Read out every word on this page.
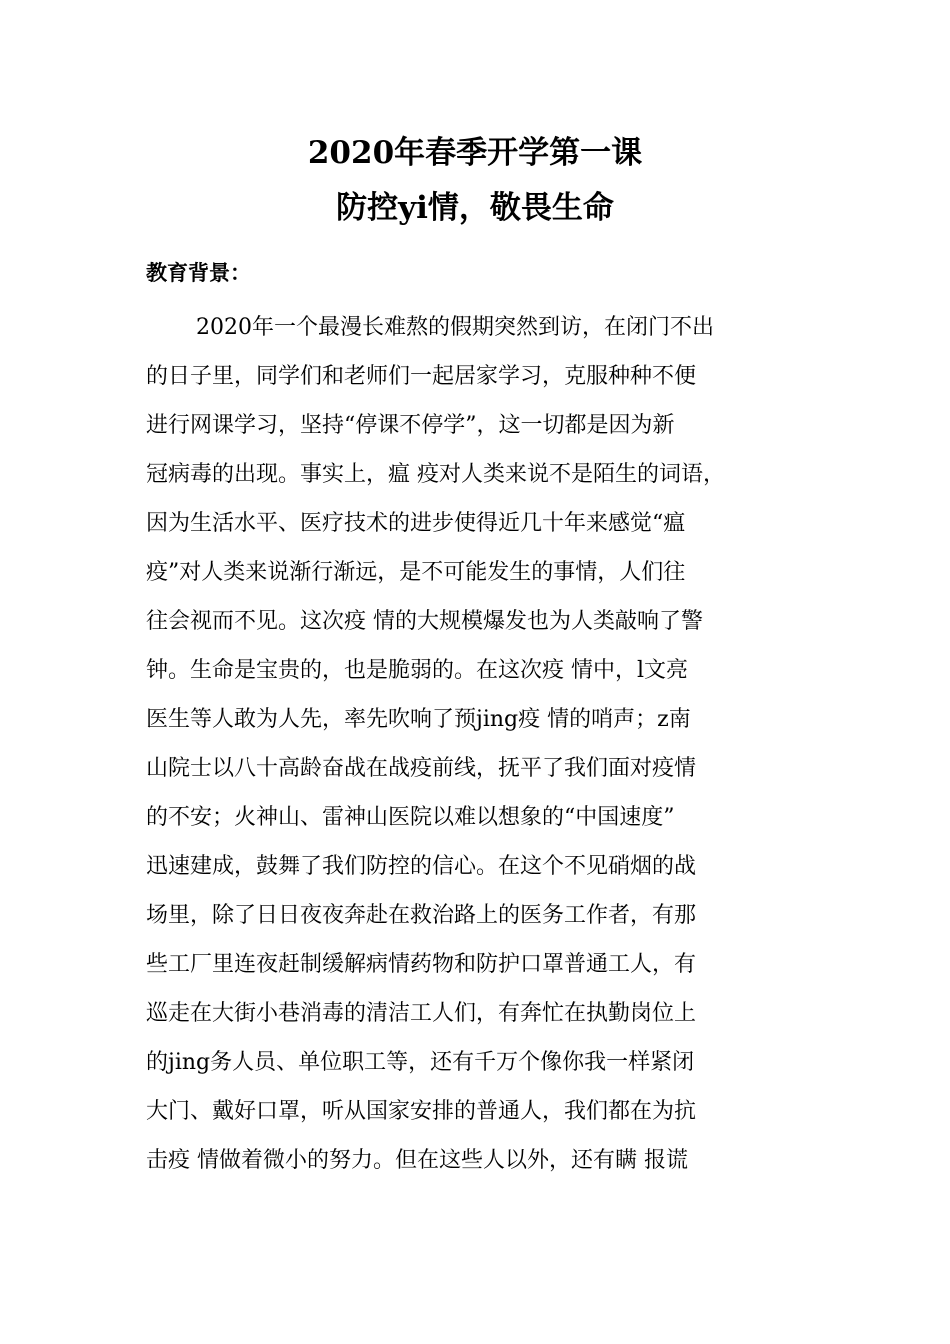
2020年春季开学第一课
防控yi情，敬畏生命
教育背景：
2020年一个最漫长难熬的假期突然到访，在闭门不出
的日子里，同学们和老师们一起居家学习，克服种种不便
进行网课学习，坚持“停课不停学”，这一切都是因为新
冠病毒的出现。事实上，瘟 疫对人类来说不是陌生的词语，
因为生活水平、医疗技术的进步使得近几十年来感觉“瘟
疫”对人类来说渐行渐远，是不可能发生的事情，人们往
往会视而不见。这次疫 情的大规模爆发也为人类敲响了警
钟。生命是宝贵的，也是脆弱的。在这次疫 情中，l文亮
医生等人敢为人先，率先吹响了预jing疫 情的哨声；z南
山院士以八十高龄奋战在战疫前线，抚平了我们面对疫情
的不安；火神山、雷神山医院以难以想象的“中国速度”
迅速建成，鼓舞了我们防控的信心。在这个不见硝烟的战
场里，除了日日夜夜奔赴在救治路上的医务工作者，有那
些工厂里连夜赶制缓解病情药物和防护口罩普通工人，有
巡走在大街小巷消毒的清洁工人们，有奔忙在执勤岗位上
的jing务人员、单位职工等，还有千万个像你我一样紧闭
大门、戴好口罩，听从国家安排的普通人，我们都在为抗
击疫 情做着微小的努力。但在这些人以外，还有瞒 报谎
